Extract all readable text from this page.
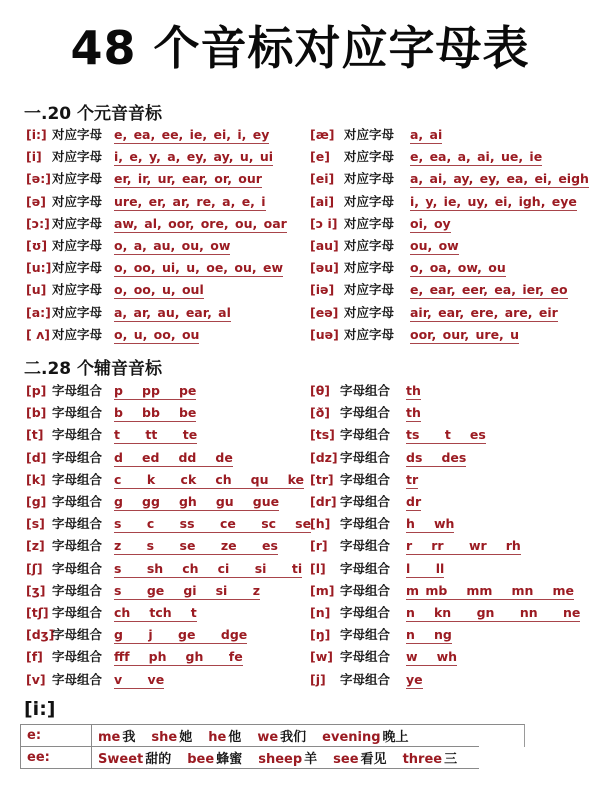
48 个音标对应字母表
一.20 个元音音标
[i:] 对应字母 e, ea, ee, ie, ei, i, ey
[i] 对应字母 i, e, y, a, ey, ay, u, ui
[ə:]对应字母 er, ir, ur, ear, or, our
[ə] 对应字母 ure, er, ar, re, a, e, i
[ɔ:] 对应字母 aw, al, oor, ore, ou, oar
[ʊ] 对应字母 o, a, au, ou, ow
[u:]对应字母 o, oo, ui, u, oe, ou, ew
[u] 对应字母 o, oo, u, oul
[a:]对应字母 a, ar, au, ear, al
[ ʌ] 对应字母 o, u, oo, ou
[æ] 对应字母 a, ai
[e] 对应字母 e, ea, a, ai, ue, ie
[ei] 对应字母 a, ai, ay, ey, ea, ei, eigh
[ai] 对应字母 i, y, ie, uy, ei, igh, eye
[ɔ i] 对应字母 oi, oy
[au] 对应字母 ou, ow
[əu] 对应字母 o, oa, ow, ou
[iə] 对应字母 e, ear, eer, ea, ier, eo
[eə] 对应字母 air, ear, ere, are, eir
[uə] 对应字母 oor, our, ure, u
二.28 个辅音音标
[p] 字母组合 p   pp   pe
[b] 字母组合 b   bb   be
[t] 字母组合 t    tt    te
[d] 字母组合 d   ed   dd   de
[k] 字母组合 c    k    ck   ch   qu   ke
[g] 字母组合 g   gg   gh   gu   gue
[s] 字母组合 s    c    ss    ce    sc   se
[z] 字母组合 z    s    se    ze    es
[ʃ] 字母组合 s    sh   ch   ci    si    ti
[ʒ] 字母组合 s    ge   gi   si    z
[tʃ] 字母组合 ch   tch   t
[dʒ]字母组合 g    j    ge    dge
[f] 字母组合 fff   ph   gh    fe
[v] 字母组合 v    ve
[θ] 字母组合 th
[ð] 字母组合 th
[ts] 字母组合 ts    t   es
[dz] 字母组合 ds   des
[tr] 字母组合 tr
[dr] 字母组合 dr
[h] 字母组合 h   wh
[r] 字母组合 r   rr    wr   rh
[l] 字母组合 l    ll
[m] 字母组合 m mb   mm   mn   me
[n] 字母组合 n   kn    gn    nn    ne
[ŋ] 字母组合 n   ng
[w] 字母组合 w   wh
[j] 字母组合 ye
[i:]
e:	me 我 she 她 he 他 we 我们 evening 晚上
ee:	Sweet 甜的 bee 蜂蜜 sheep 羊 see 看见 three 三
